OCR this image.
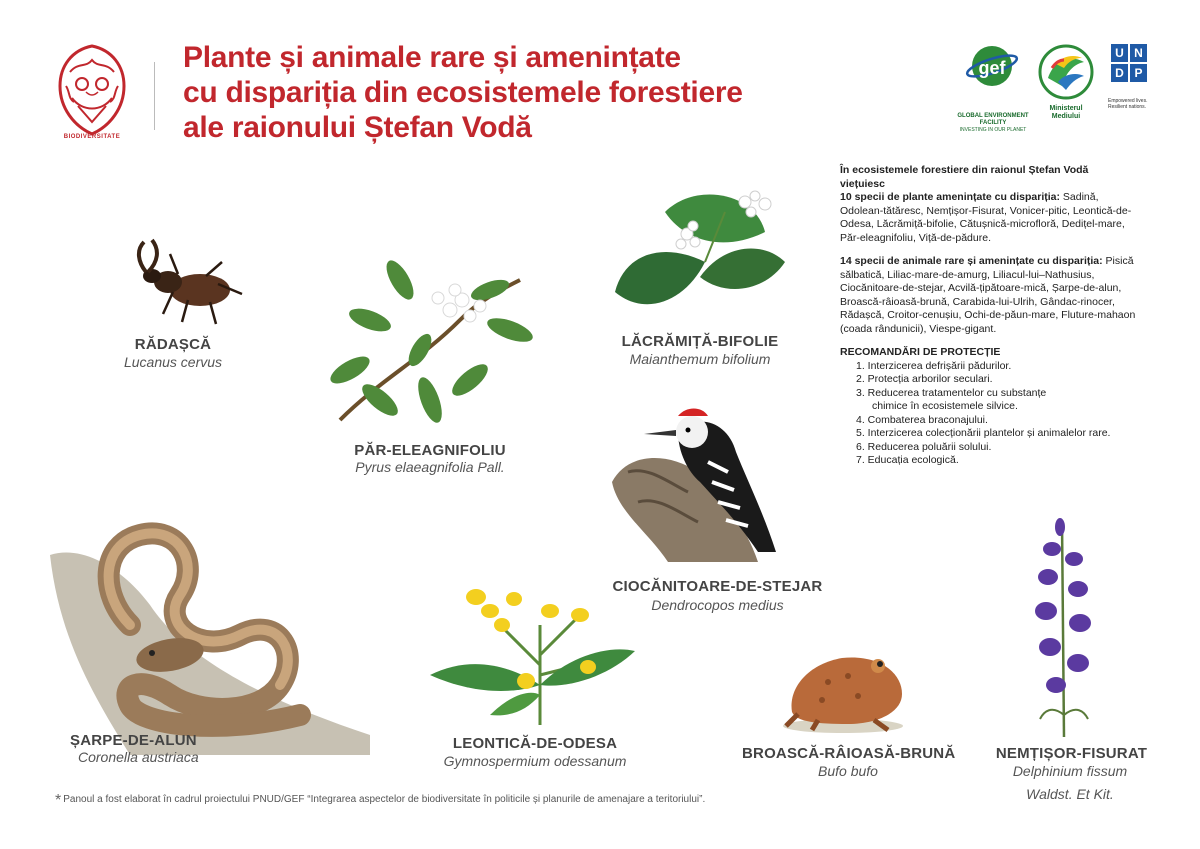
BIODIVERSITATE
Plante și animale rare și amenințate
cu dispariția din ecosistemele forestiere
ale raionului Ștefan Vodă
gef
GLOBAL ENVIRONMENT FACILITY
INVESTING IN OUR PLANET
Ministerul
Mediului
U N
D P
Empowered lives. Resilient nations.
RĂDAȘCĂ
Lucanus cervus
PĂR-ELEAGNIFOLIU
Pyrus elaeagnifolia Pall.
LĂCRĂMIȚĂ-BIFOLIE
Maianthemum bifolium
CIOCĂNITOARE-DE-STEJAR
Dendrocopos medius
ȘARPE-DE-ALUN
Coronella austriaca
LEONTICĂ-DE-ODESA
Gymnospermium odessanum	BROASCĂ-RÂIOASĂ-BRUNĂ
Bufo bufo
NEMȚIȘOR-FISURAT
Delphinium fissum
Waldst. Et Kit.

În ecosistemele forestiere din raionul Ștefan Vodă
viețuiesc
10 specii de plante amenințate cu dispariția: Sadină, Odolean-tătăresc, Nemțișor-Fisurat, Vonicer-pitic, Leontică-de-Odesa, Lăcrămiță-bifolie, Cătușnică-microfloră, Dedițel-mare, Păr-eleagnifoliu, Viță-de-pădure.

14 specii de animale rare și amenințate cu dispariția: Pisică sălbatică, Liliac-mare-de-amurg, Liliacul-lui–Nathusius, Ciocănitoare-de-stejar, Acvilă-țipătoare-mică, Șarpe-de-alun, Broască-râioasă-brună, Carabida-lui-Ulrih, Gândac-rinocer, Rădașcă, Croitor-cenușiu, Ochi-de-păun-mare, Fluture-mahaon (coada rândunicii), Viespe-gigant.

RECOMANDĂRI DE PROTECȚIE
1. Interzicerea defrișării pădurilor.
2. Protecția arborilor seculari.
3. Reducerea tratamentelor cu substanțe
chimice în ecosistemele silvice.
4. Combaterea braconajului.
5. Interzicerea colecționării plantelor și animalelor rare.
6. Reducerea poluării solului.
7. Educația ecologică.
* Panoul a fost elaborat în cadrul proiectului PNUD/GEF “Integrarea aspectelor de biodiversitate în politicile și planurile de amenajare a teritoriului”.
